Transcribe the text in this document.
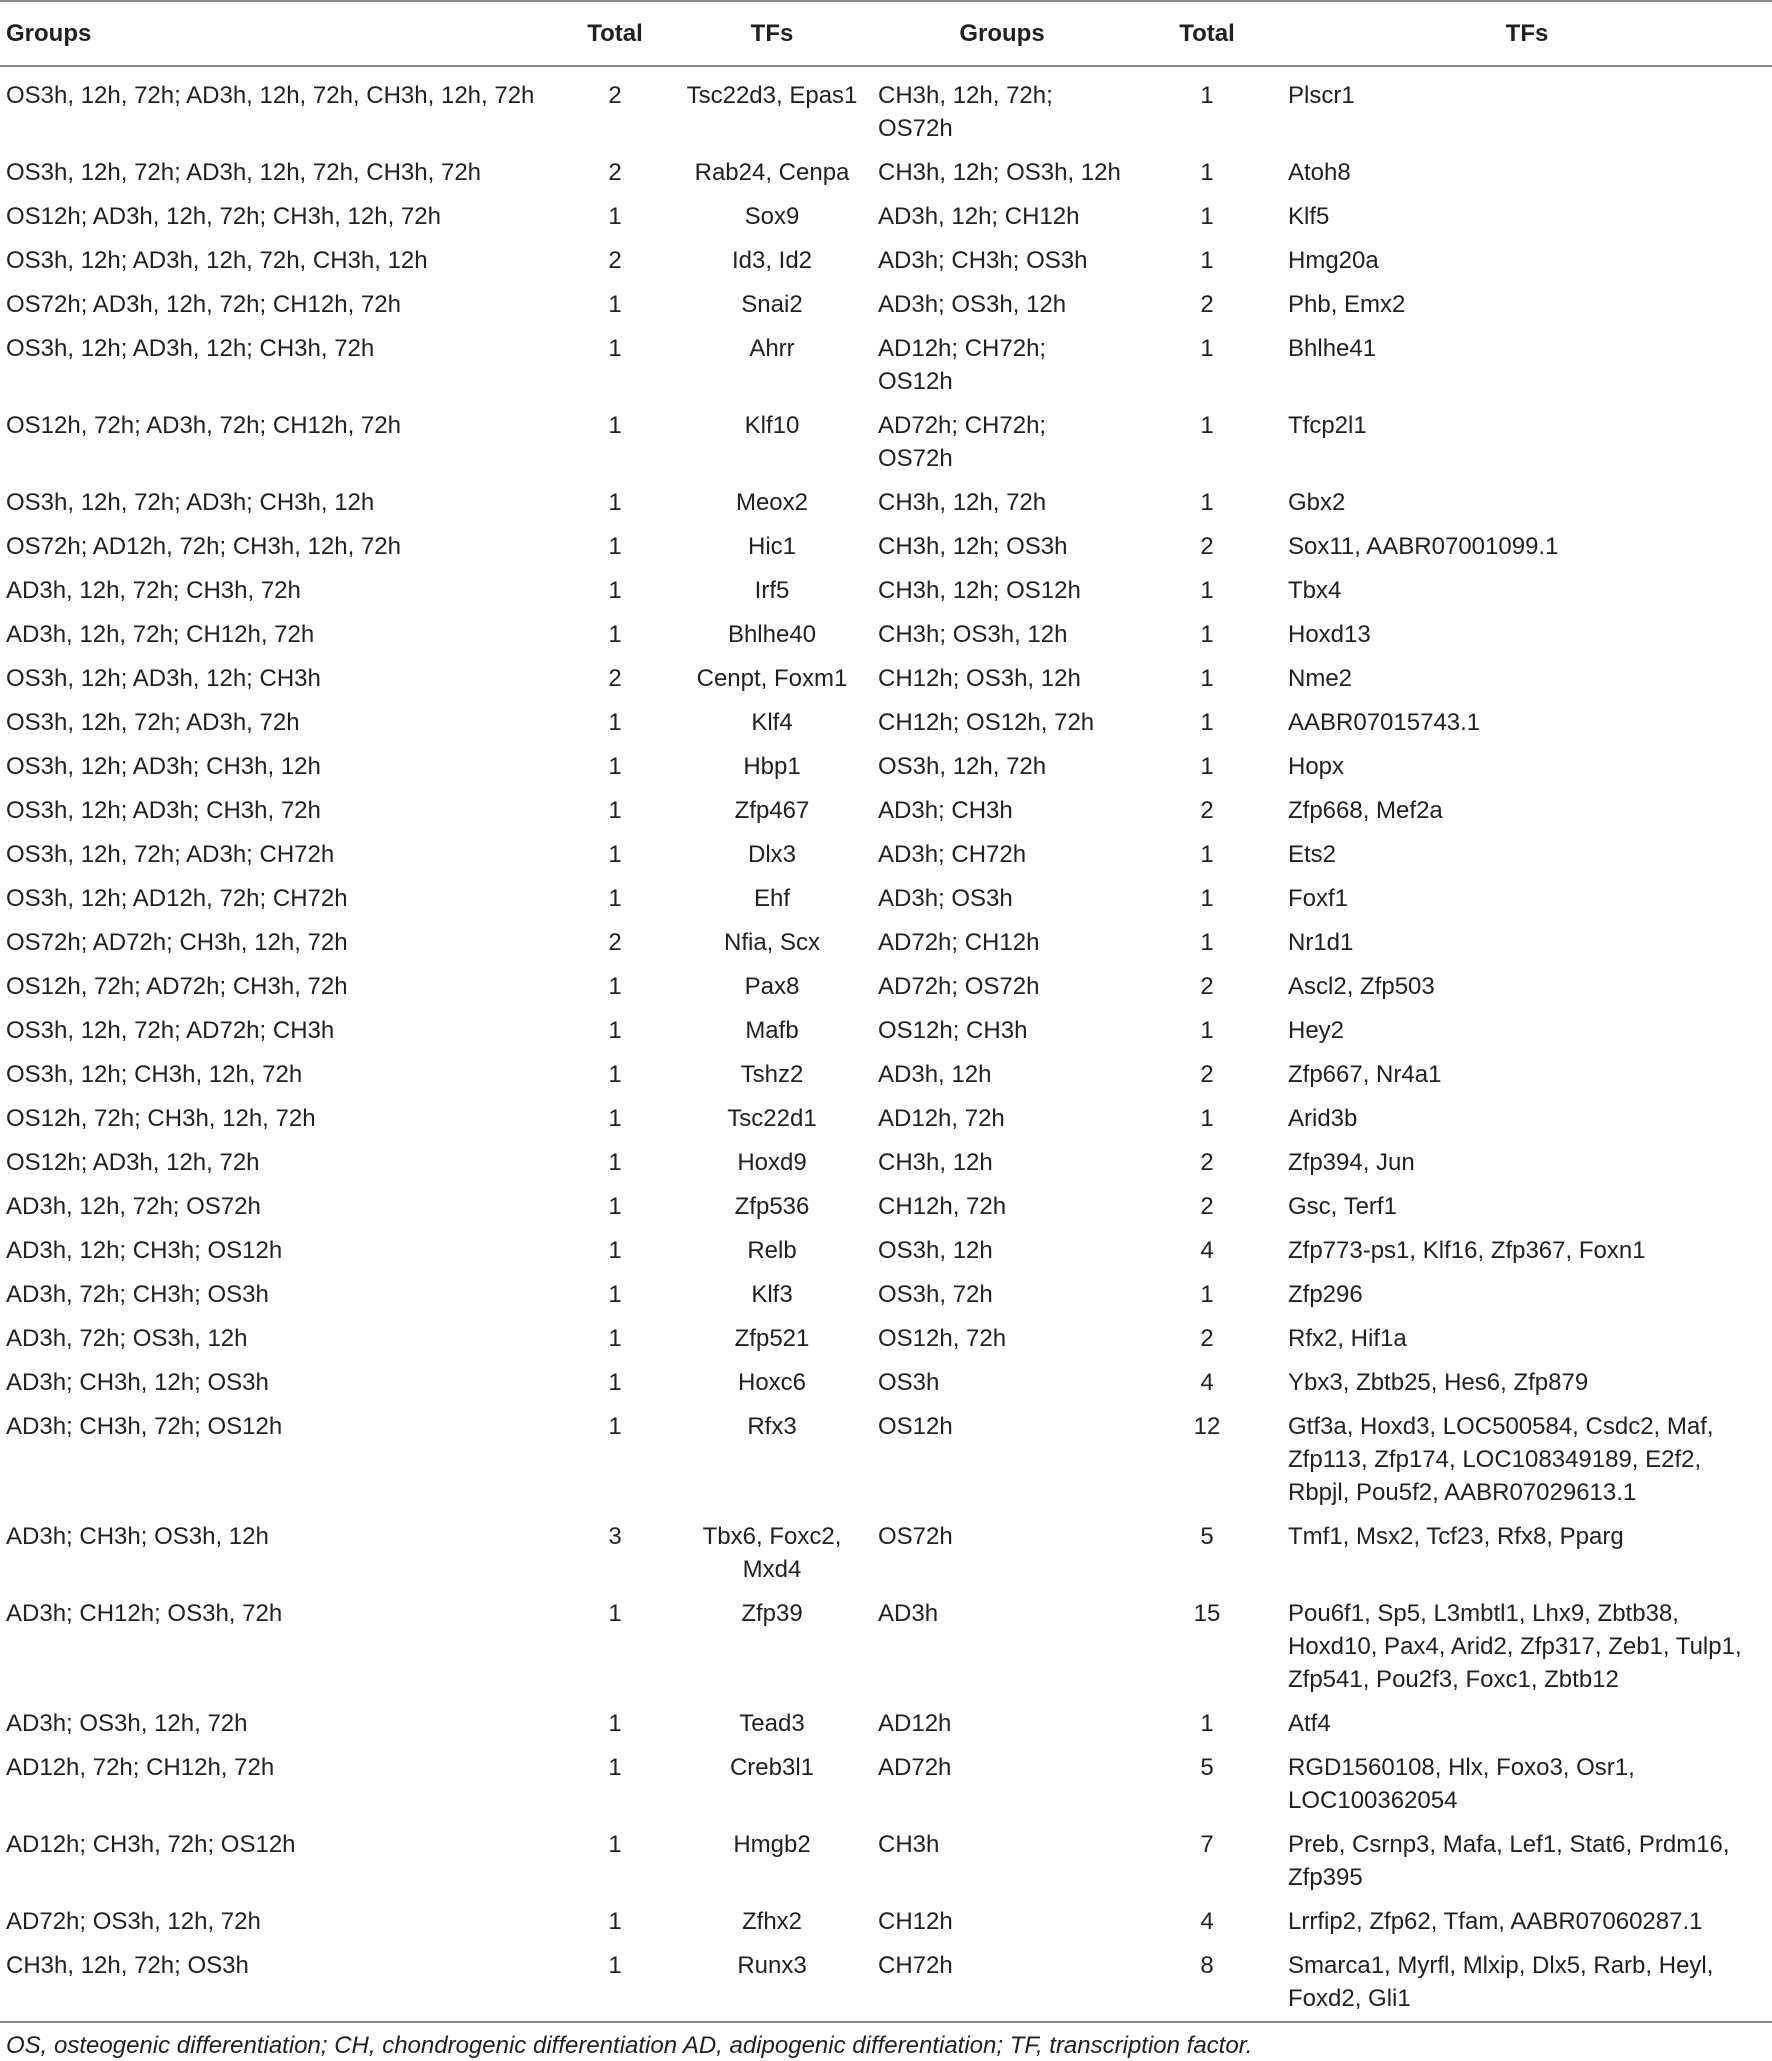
Groups	Total	TFs	Groups	Total	TFs
OS3h, 12h, 72h; AD3h, 12h, 72h, CH3h, 12h, 72h	2	Tsc22d3, Epas1	CH3h, 12h, 72h; OS72h	1	Plscr1
OS3h, 12h, 72h; AD3h, 12h, 72h, CH3h, 72h	2	Rab24, Cenpa	CH3h, 12h; OS3h, 12h	1	Atoh8
OS12h; AD3h, 12h, 72h; CH3h, 12h, 72h	1	Sox9	AD3h, 12h; CH12h	1	Klf5
OS3h, 12h; AD3h, 12h, 72h, CH3h, 12h	2	Id3, Id2	AD3h; CH3h; OS3h	1	Hmg20a
OS72h; AD3h, 12h, 72h; CH12h, 72h	1	Snai2	AD3h; OS3h, 12h	2	Phb, Emx2
OS3h, 12h; AD3h, 12h; CH3h, 72h	1	Ahrr	AD12h; CH72h; OS12h	1	Bhlhe41
OS12h, 72h; AD3h, 72h; CH12h, 72h	1	Klf10	AD72h; CH72h; OS72h	1	Tfcp2l1
OS3h, 12h, 72h; AD3h; CH3h, 12h	1	Meox2	CH3h, 12h, 72h	1	Gbx2
OS72h; AD12h, 72h; CH3h, 12h, 72h	1	Hic1	CH3h, 12h; OS3h	2	Sox11, AABR07001099.1
AD3h, 12h, 72h; CH3h, 72h	1	Irf5	CH3h, 12h; OS12h	1	Tbx4
AD3h, 12h, 72h; CH12h, 72h	1	Bhlhe40	CH3h; OS3h, 12h	1	Hoxd13
OS3h, 12h; AD3h, 12h; CH3h	2	Cenpt, Foxm1	CH12h; OS3h, 12h	1	Nme2
OS3h, 12h, 72h; AD3h, 72h	1	Klf4	CH12h; OS12h, 72h	1	AABR07015743.1
OS3h, 12h; AD3h; CH3h, 12h	1	Hbp1	OS3h, 12h, 72h	1	Hopx
OS3h, 12h; AD3h; CH3h, 72h	1	Zfp467	AD3h; CH3h	2	Zfp668, Mef2a
OS3h, 12h, 72h; AD3h; CH72h	1	Dlx3	AD3h; CH72h	1	Ets2
OS3h, 12h; AD12h, 72h; CH72h	1	Ehf	AD3h; OS3h	1	Foxf1
OS72h; AD72h; CH3h, 12h, 72h	2	Nfia, Scx	AD72h; CH12h	1	Nr1d1
OS12h, 72h; AD72h; CH3h, 72h	1	Pax8	AD72h; OS72h	2	Ascl2, Zfp503
OS3h, 12h, 72h; AD72h; CH3h	1	Mafb	OS12h; CH3h	1	Hey2
OS3h, 12h; CH3h, 12h, 72h	1	Tshz2	AD3h, 12h	2	Zfp667, Nr4a1
OS12h, 72h; CH3h, 12h, 72h	1	Tsc22d1	AD12h, 72h	1	Arid3b
OS12h; AD3h, 12h, 72h	1	Hoxd9	CH3h, 12h	2	Zfp394, Jun
AD3h, 12h, 72h; OS72h	1	Zfp536	CH12h, 72h	2	Gsc, Terf1
AD3h, 12h; CH3h; OS12h	1	Relb	OS3h, 12h	4	Zfp773-ps1, Klf16, Zfp367, Foxn1
AD3h, 72h; CH3h; OS3h	1	Klf3	OS3h, 72h	1	Zfp296
AD3h, 72h; OS3h, 12h	1	Zfp521	OS12h, 72h	2	Rfx2, Hif1a
AD3h; CH3h, 12h; OS3h	1	Hoxc6	OS3h	4	Ybx3, Zbtb25, Hes6, Zfp879
AD3h; CH3h, 72h; OS12h	1	Rfx3	OS12h	12	Gtf3a, Hoxd3, LOC500584, Csdc2, Maf, Zfp113, Zfp174, LOC108349189, E2f2, Rbpjl, Pou5f2, AABR07029613.1
AD3h; CH3h; OS3h, 12h	3	Tbx6, Foxc2, Mxd4	OS72h	5	Tmf1, Msx2, Tcf23, Rfx8, Pparg
AD3h; CH12h; OS3h, 72h	1	Zfp39	AD3h	15	Pou6f1, Sp5, L3mbtl1, Lhx9, Zbtb38, Hoxd10, Pax4, Arid2, Zfp317, Zeb1, Tulp1, Zfp541, Pou2f3, Foxc1, Zbtb12
AD3h; OS3h, 12h, 72h	1	Tead3	AD12h	1	Atf4
AD12h, 72h; CH12h, 72h	1	Creb3l1	AD72h	5	RGD1560108, Hlx, Foxo3, Osr1, LOC100362054
AD12h; CH3h, 72h; OS12h	1	Hmgb2	CH3h	7	Preb, Csrnp3, Mafa, Lef1, Stat6, Prdm16, Zfp395
AD72h; OS3h, 12h, 72h	1	Zfhx2	CH12h	4	Lrrfip2, Zfp62, Tfam, AABR07060287.1
CH3h, 12h, 72h; OS3h	1	Runx3	CH72h	8	Smarca1, Myrfl, Mlxip, Dlx5, Rarb, Heyl, Foxd2, Gli1
OS, osteogenic differentiation; CH, chondrogenic differentiation AD, adipogenic differentiation; TF, transcription factor.
